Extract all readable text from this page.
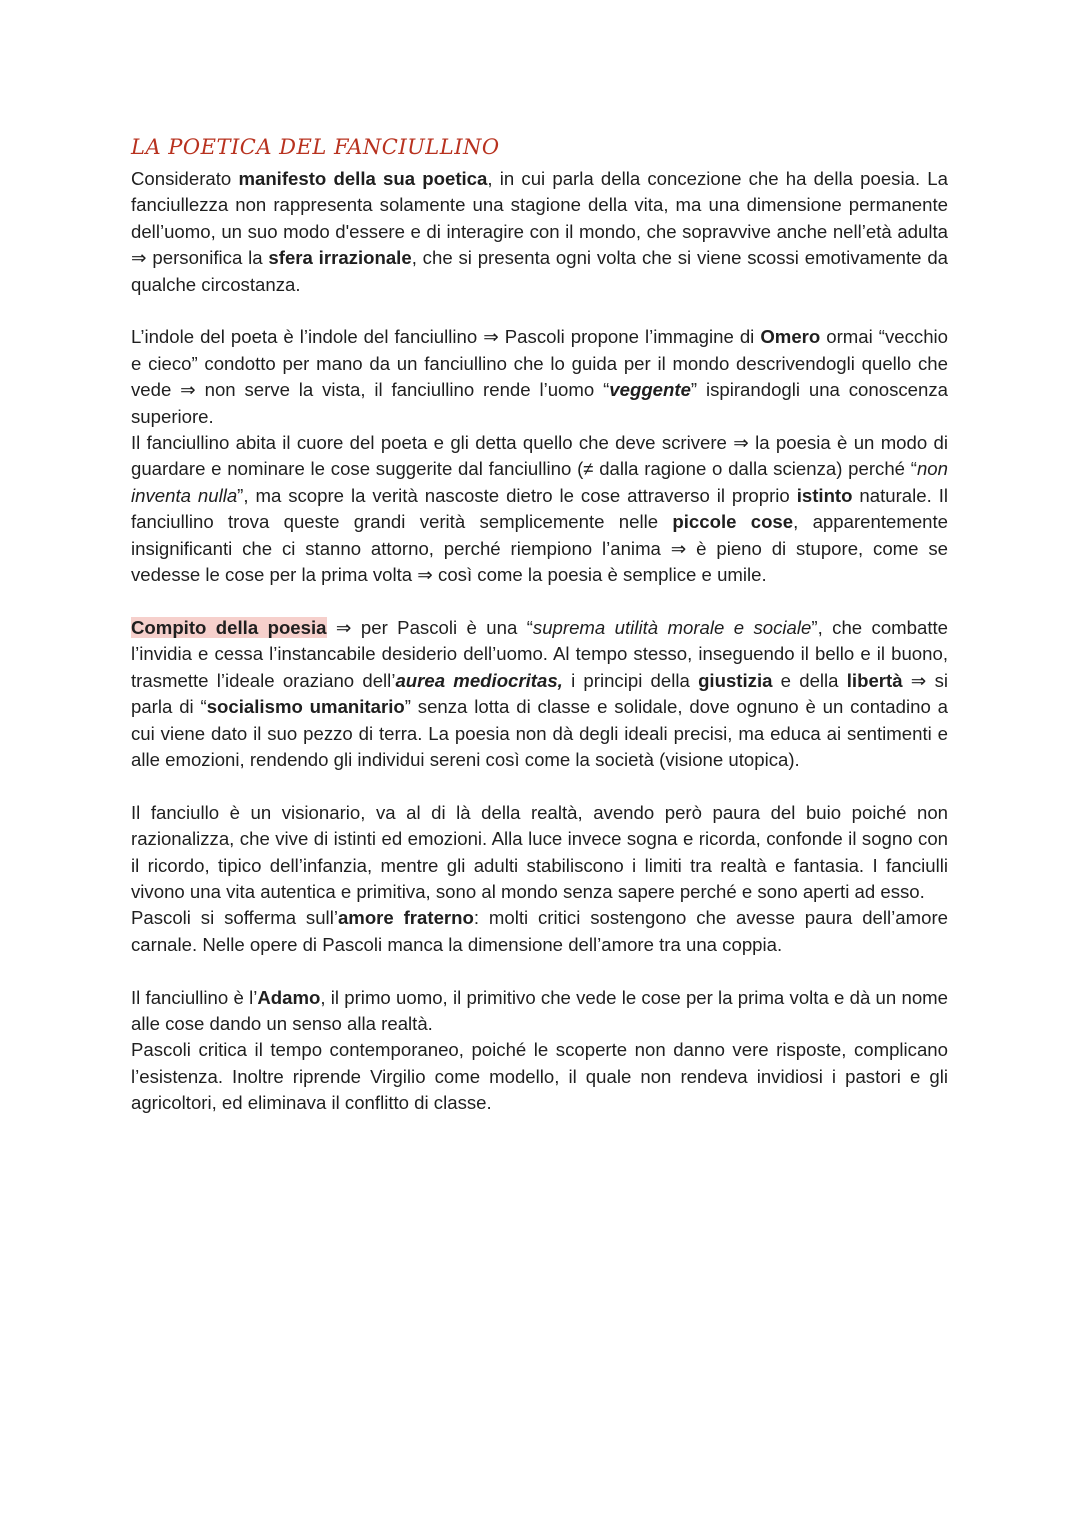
LA POETICA DEL FANCIULLINO

Considerato manifesto della sua poetica, in cui parla della concezione che ha della poesia. La fanciullezza non rappresenta solamente una stagione della vita, ma una dimensione permanente dell’uomo, un suo modo d'essere e di interagire con il mondo, che sopravvive anche nell’età adulta ⇒ personifica la sfera irrazionale, che si presenta ogni volta che si viene scossi emotivamente da qualche circostanza.

L’indole del poeta è l’indole del fanciullino ⇒ Pascoli propone l’immagine di Omero ormai “vecchio e cieco” condotto per mano da un fanciullino che lo guida per il mondo descrivendogli quello che vede ⇒ non serve la vista, il fanciullino rende l’uomo “veggente” ispirandogli una conoscenza superiore.

Il fanciullino abita il cuore del poeta e gli detta quello che deve scrivere ⇒ la poesia è un modo di guardare e nominare le cose suggerite dal fanciullino (≠ dalla ragione o dalla scienza) perché “non inventa nulla”, ma scopre la verità nascoste dietro le cose attraverso il proprio istinto naturale. Il fanciullino trova queste grandi verità semplicemente nelle piccole cose, apparentemente insignificanti che ci stanno attorno, perché riempiono l’anima ⇒ è pieno di stupore, come se vedesse le cose per la prima volta ⇒ così come la poesia è semplice e umile.

Compito della poesia ⇒ per Pascoli è una “suprema utilità morale e sociale”, che combatte l’invidia e cessa l’instancabile desiderio dell’uomo. Al tempo stesso, inseguendo il bello e il buono, trasmette l’ideale oraziano dell’aurea mediocritas, i principi della giustizia e della libertà ⇒ si parla di “socialismo umanitario” senza lotta di classe e solidale, dove ognuno è un contadino a cui viene dato il suo pezzo di terra. La poesia non dà degli ideali precisi, ma educa ai sentimenti e alle emozioni, rendendo gli individui sereni così come la società (visione utopica).

Il fanciullo è un visionario, va al di là della realtà, avendo però paura del buio poiché non razionalizza, che vive di istinti ed emozioni. Alla luce invece sogna e ricorda, confonde il sogno con il ricordo, tipico dell’infanzia, mentre gli adulti stabiliscono i limiti tra realtà e fantasia. I fanciulli vivono una vita autentica e primitiva, sono al mondo senza sapere perché e sono aperti ad esso.

Pascoli si sofferma sull’amore fraterno: molti critici sostengono che avesse paura dell’amore carnale. Nelle opere di Pascoli manca la dimensione dell’amore tra una coppia.

Il fanciullino è l’Adamo, il primo uomo, il primitivo che vede le cose per la prima volta e dà un nome alle cose dando un senso alla realtà.

Pascoli critica il tempo contemporaneo, poiché le scoperte non danno vere risposte, complicano l’esistenza. Inoltre riprende Virgilio come modello, il quale non rendeva invidiosi i pastori e gli agricoltori, ed eliminava il conflitto di classe.
